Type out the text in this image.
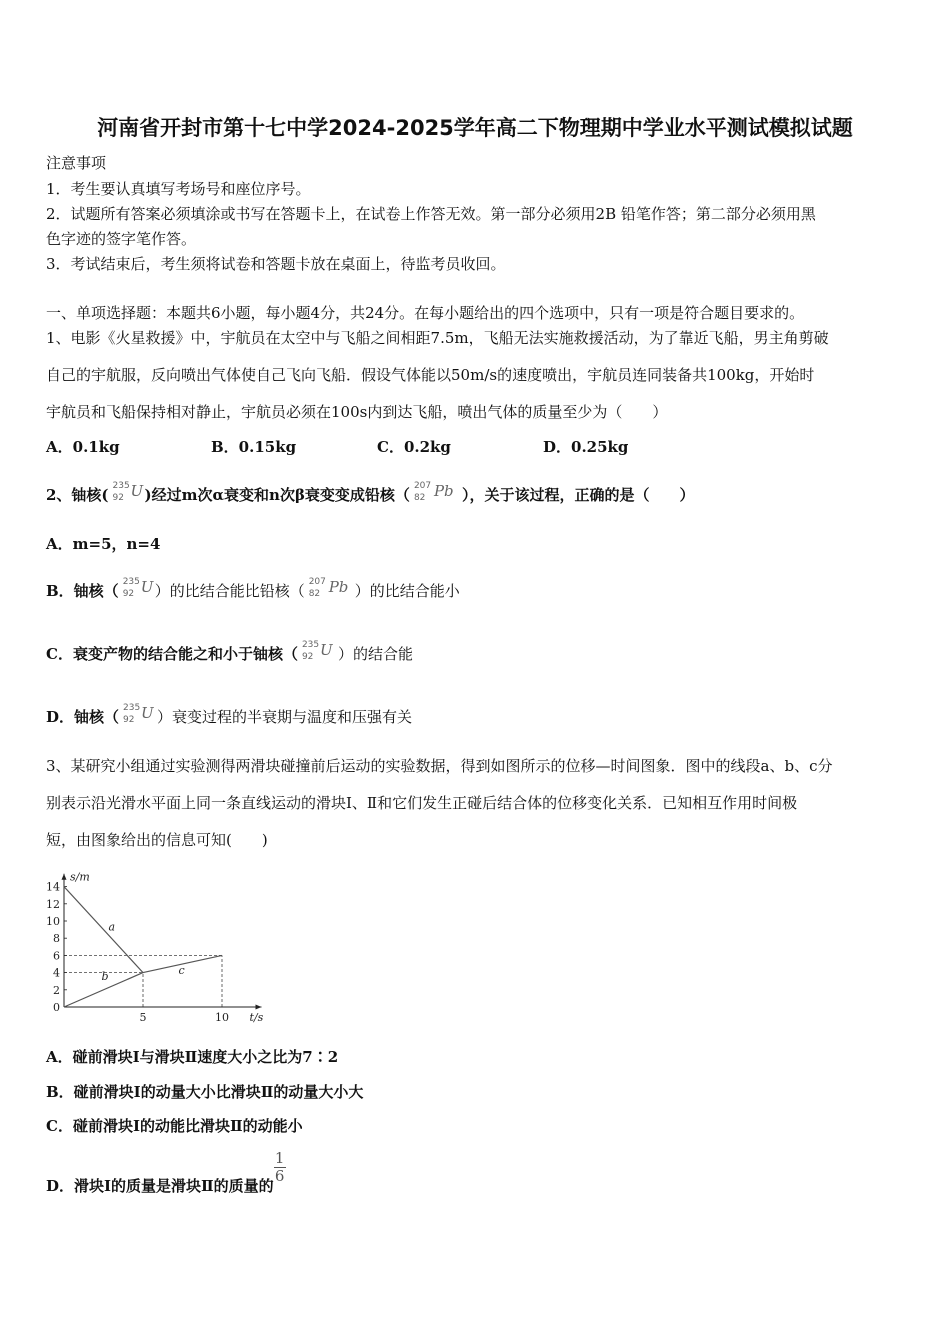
河南省开封市第十七中学2024-2025学年高二下物理期中学业水平测试模拟试题
注意事项
1．考生要认真填写考场号和座位序号。
2．试题所有答案必须填涂或书写在答题卡上，在试卷上作答无效。第一部分必须用2B 铅笔作答；第二部分必须用黑
色字迹的签字笔作答。
3．考试结束后，考生须将试卷和答题卡放在桌面上，待监考员收回。
一、单项选择题：本题共6小题，每小题4分，共24分。在每小题给出的四个选项中，只有一项是符合题目要求的。
1、电影《火星救援》中，宇航员在太空中与飞船之间相距7.5m，飞船无法实施救援活动，为了靠近飞船，男主角剪破
自己的宇航服，反向喷出气体使自己飞向飞船．假设气体能以50m/s的速度喷出，宇航员连同装备共100kg，开始时
宇航员和飞船保持相对静止，宇航员必须在100s内到达飞船，喷出气体的质量至少为（　　）
A．0.1kg	B．0.15kg	C．0.2kg	D．0.25kg
2、铀核( 235
92 U )经过m次α衰变和n次β衰变变成铅核（ 207
82 Pb ），关于该过程，正确的是（　　）
A．m=5，n=4
B．铀核（ 235
92 U ）的比结合能比铅核（ 207
82 Pb ）的比结合能小
C．衰变产物的结合能之和小于铀核（ 235
92 U ）的结合能
D．铀核（ 235
92 U ）衰变过程的半衰期与温度和压强有关
3、某研究小组通过实验测得两滑块碰撞前后运动的实验数据，得到如图所示的位移—时间图象．图中的线段a、b、c分
别表示沿光滑水平面上同一条直线运动的滑块Ⅰ、Ⅱ和它们发生正碰后结合体的位移变化关系．已知相互作用时间极
短，由图象给出的信息可知(　　)
2
4
6
8
10
12
14
5	10
0
s/m
t/s
a
b	c
A．碰前滑块Ⅰ与滑块Ⅱ速度大小之比为7∶2
B．碰前滑块Ⅰ的动量大小比滑块Ⅱ的动量大小大
C．碰前滑块Ⅰ的动能比滑块Ⅱ的动能小
D．滑块Ⅰ的质量是滑块Ⅱ的质量的
$\frac{1}{6}$
